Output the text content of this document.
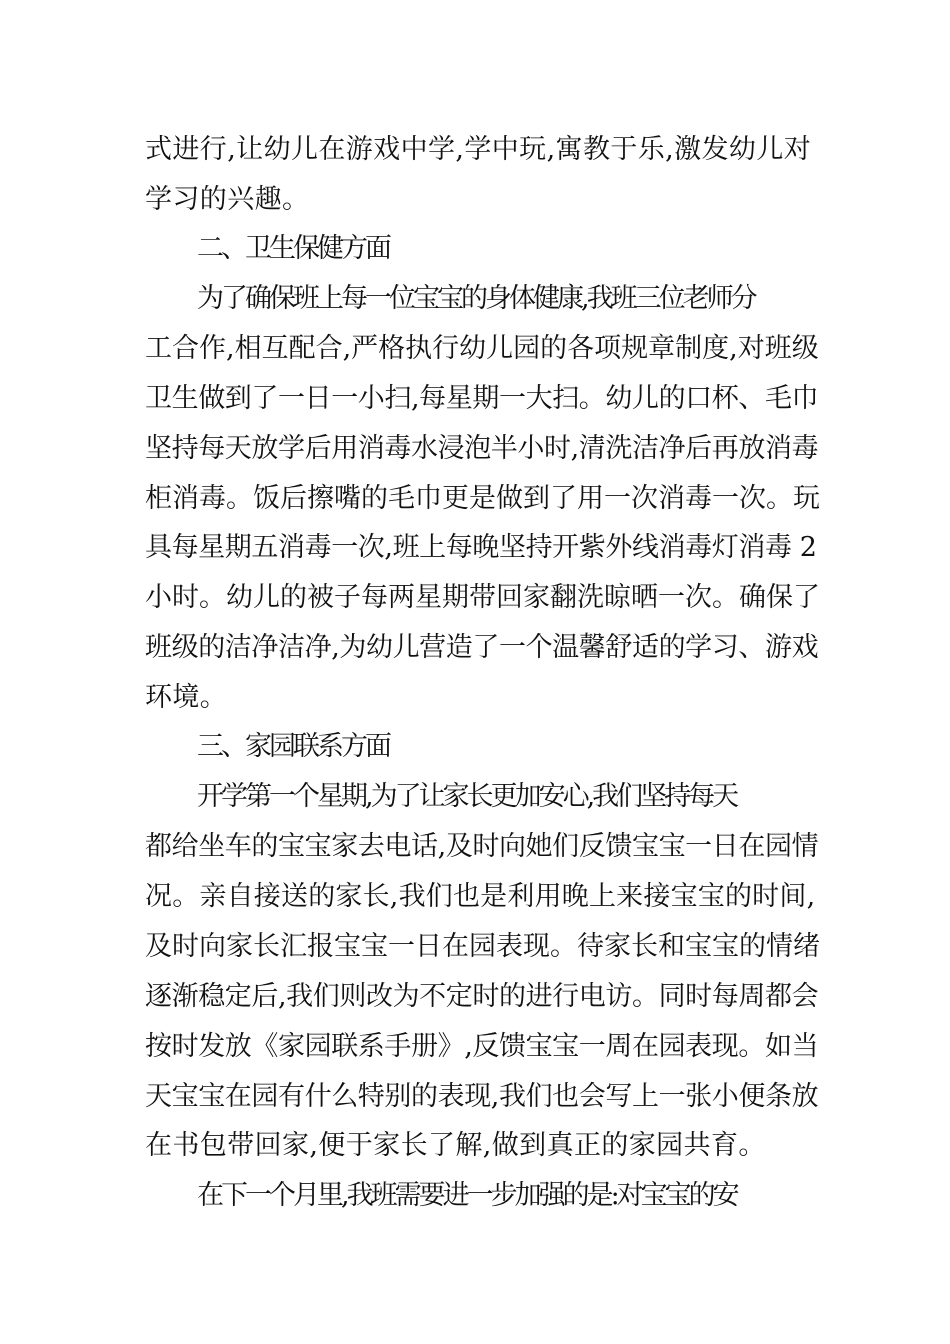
式进行,让幼儿在游戏中学,学中玩,寓教于乐,激发幼儿对
学习的兴趣。
二、卫生保健方面
为了确保班上每一位宝宝的身体健康,我班三位老师分
工合作,相互配合,严格执行幼儿园的各项规章制度,对班级
卫生做到了一日一小扫,每星期一大扫。幼儿的口杯、毛巾
坚持每天放学后用消毒水浸泡半小时,清洗洁净后再放消毒
柜消毒。饭后擦嘴的毛巾更是做到了用一次消毒一次。玩
具每星期五消毒一次,班上每晚坚持开紫外线消毒灯消毒 2
小时。幼儿的被子每两星期带回家翻洗晾晒一次。确保了
班级的洁净洁净,为幼儿营造了一个温馨舒适的学习、游戏
环境。
三、家园联系方面
开学第一个星期,为了让家长更加安心,我们坚持每天
都给坐车的宝宝家去电话,及时向她们反馈宝宝一日在园情
况。亲自接送的家长,我们也是利用晚上来接宝宝的时间,
及时向家长汇报宝宝一日在园表现。待家长和宝宝的情绪
逐渐稳定后,我们则改为不定时的进行电访。同时每周都会
按时发放《家园联系手册》,反馈宝宝一周在园表现。如当
天宝宝在园有什么特别的表现,我们也会写上一张小便条放
在书包带回家,便于家长了解,做到真正的家园共育。
在下一个月里,我班需要进一步加强的是:对宝宝的安
